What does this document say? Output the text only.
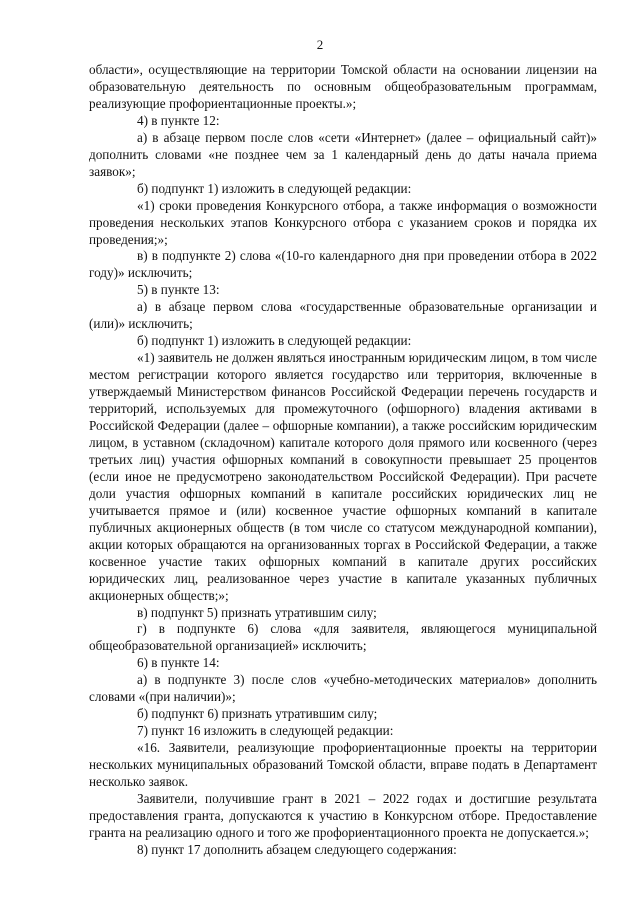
2

области», осуществляющие на территории Томской области на основании лицензии на образовательную деятельность по основным общеобразовательным программам, реализующие профориентационные проекты.»;

4) в пункте 12:

а) в абзаце первом после слов «сети «Интернет» (далее – официальный сайт)» дополнить словами «не позднее чем за 1 календарный день до даты начала приема заявок»;

б) подпункт 1) изложить в следующей редакции:

«1) сроки проведения Конкурсного отбора, а также информация о возможности проведения нескольких этапов Конкурсного отбора с указанием сроков и порядка их проведения;»;

в) в подпункте 2) слова «(10-го календарного дня при проведении отбора в 2022 году)» исключить;

5) в пункте 13:

а) в абзаце первом слова «государственные образовательные организации и (или)» исключить;

б) подпункт 1) изложить в следующей редакции:

«1) заявитель не должен являться иностранным юридическим лицом, в том числе местом регистрации которого является государство или территория, включенные в утверждаемый Министерством финансов Российской Федерации перечень государств и территорий, используемых для промежуточного (офшорного) владения активами в Российской Федерации (далее – офшорные компании), а также российским юридическим лицом, в уставном (складочном) капитале которого доля прямого или косвенного (через третьих лиц) участия офшорных компаний в совокупности превышает 25 процентов (если иное не предусмотрено законодательством Российской Федерации). При расчете доли участия офшорных компаний в капитале российских юридических лиц не учитывается прямое и (или) косвенное участие офшорных компаний в капитале публичных акционерных обществ (в том числе со статусом международной компании), акции которых обращаются на организованных торгах в Российской Федерации, а также косвенное участие таких офшорных компаний в капитале других российских юридических лиц, реализованное через участие в капитале указанных публичных акционерных обществ;»;

в) подпункт 5) признать утратившим силу;

г) в подпункте 6) слова «для заявителя, являющегося муниципальной общеобразовательной организацией» исключить;

6) в пункте 14:

а) в подпункте 3) после слов «учебно-методических материалов» дополнить словами «(при наличии)»;

б) подпункт 6) признать утратившим силу;

7) пункт 16 изложить в следующей редакции:

«16. Заявители, реализующие профориентационные проекты на территории нескольких муниципальных образований Томской области, вправе подать в Департамент несколько заявок.

Заявители, получившие грант в 2021 – 2022 годах и достигшие результата предоставления гранта, допускаются к участию в Конкурсном отборе. Предоставление гранта на реализацию одного и того же профориентационного проекта не допускается.»;

8) пункт 17 дополнить абзацем следующего содержания:
